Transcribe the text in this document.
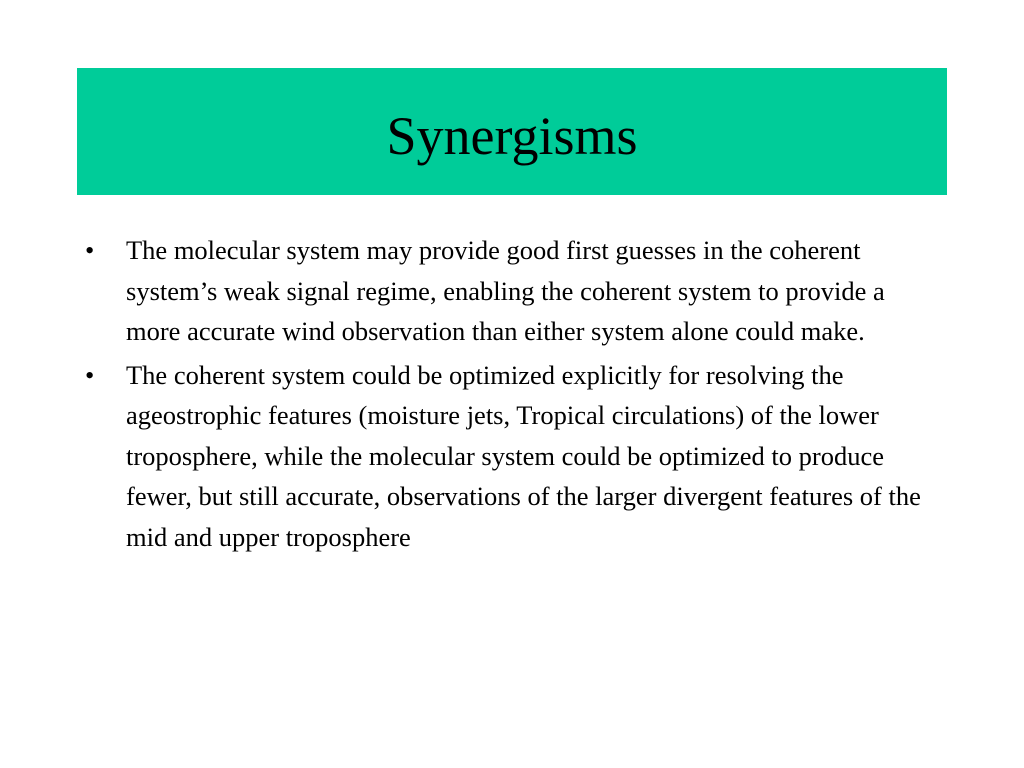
Synergisms
• The molecular system may provide good first guesses in the coherent system’s weak signal regime, enabling the coherent system to provide a more accurate wind observation than either system alone could make.
• The coherent system could be optimized explicitly for resolving the ageostrophic features (moisture jets, Tropical circulations) of the lower troposphere, while the molecular system could be optimized to produce fewer, but still accurate, observations of the larger divergent features of the mid and upper troposphere
